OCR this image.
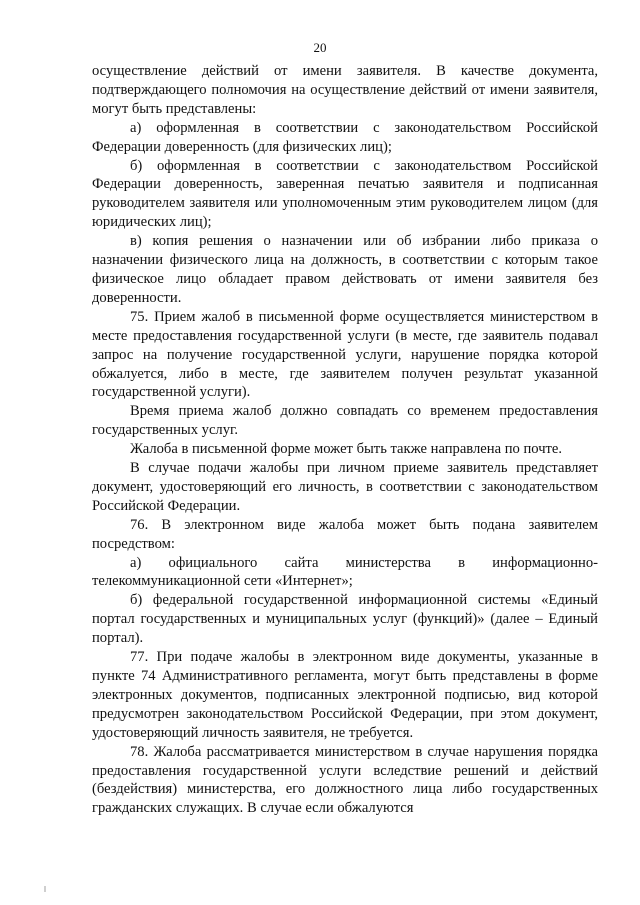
20

осуществление действий от имени заявителя. В качестве документа, подтверждающего полномочия на осуществление действий от имени заявителя, могут быть представлены:

а) оформленная в соответствии с законодательством Российской Федерации доверенность (для физических лиц);

б) оформленная в соответствии с законодательством Российской Федерации доверенность, заверенная печатью заявителя и подписанная руководителем заявителя или уполномоченным этим руководителем лицом (для юридических лиц);

в) копия решения о назначении или об избрании либо приказа о назначении физического лица на должность, в соответствии с которым такое физическое лицо обладает правом действовать от имени заявителя без доверенности.

75. Прием жалоб в письменной форме осуществляется министерством в месте предоставления государственной услуги (в месте, где заявитель подавал запрос на получение государственной услуги, нарушение порядка которой обжалуется, либо в месте, где заявителем получен результат указанной государственной услуги).

Время приема жалоб должно совпадать со временем предоставления государственных услуг.

Жалоба в письменной форме может быть также направлена по почте.

В случае подачи жалобы при личном приеме заявитель представляет документ, удостоверяющий его личность, в соответствии с законодательством Российской Федерации.

76. В электронном виде жалоба может быть подана заявителем посредством:

а) официального сайта министерства в информационно-телекоммуникационной сети «Интернет»;

б) федеральной государственной информационной системы «Единый портал государственных и муниципальных услуг (функций)» (далее – Единый портал).

77. При подаче жалобы в электронном виде документы, указанные в пункте 74 Административного регламента, могут быть представлены в форме электронных документов, подписанных электронной подписью, вид которой предусмотрен законодательством Российской Федерации, при этом документ, удостоверяющий личность заявителя, не требуется.

78. Жалоба рассматривается министерством в случае нарушения порядка предоставления государственной услуги вследствие решений и действий (бездействия) министерства, его должностного лица либо государственных гражданских служащих. В случае если обжалуются
